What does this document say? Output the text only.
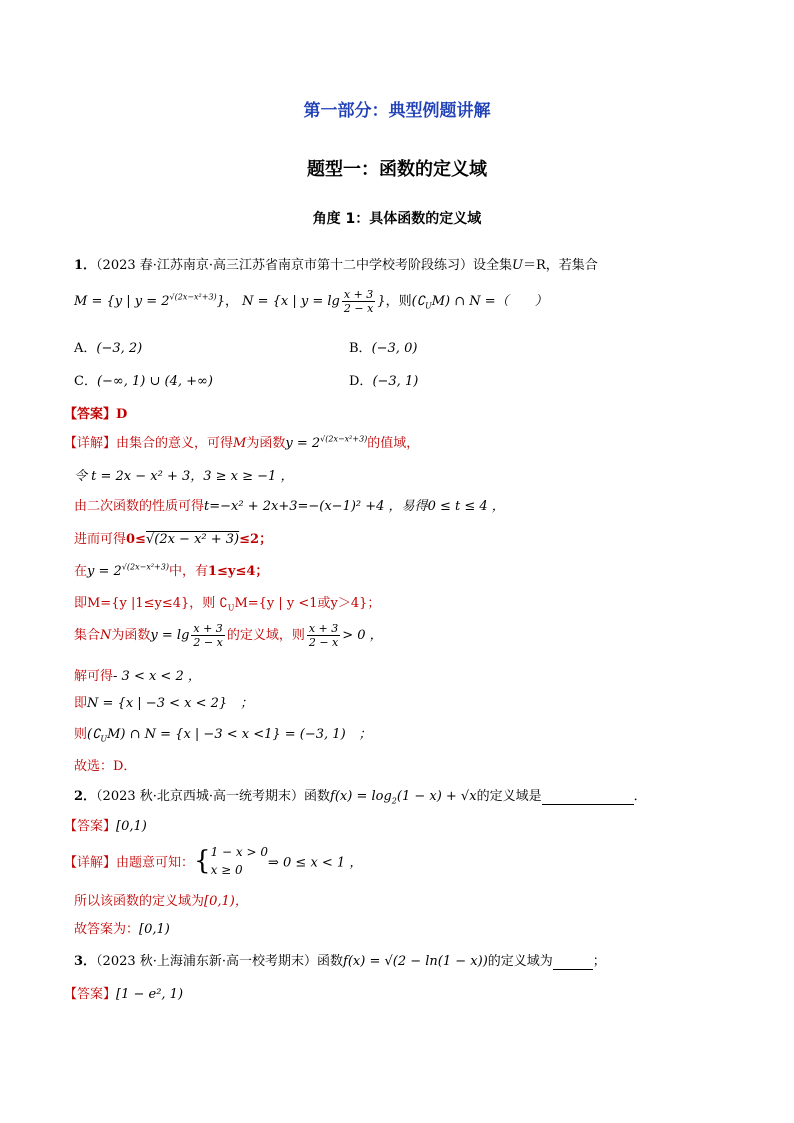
第一部分：典型例题讲解
题型一：函数的定义域
角度 1：具体函数的定义域
1．（2023 春·江苏南京·高三江苏省南京市第十二中学校考阶段练习）设全集U＝R，若集合
M = {y | $y = 2^{√(2x-x^2+3)}$}， N = {x | $y = \lg \frac{x + 3}{2 - x}$ }，则$(∁_UM)$ ∩ N =（　　）
A．(−3, 2)	B．(−3, 0)
C．(−∞, 1) ∪ (4, +∞)	D．(−3, 1)
【答案】D
【详解】由集合的意义，可得M为函数$y = 2^{√(2x-x^2+3)}$的值域，
令 t = 2x − x² + 3，3 ≥ x ≥ −1 ，
由二次函数的性质可得t=−x² + 2x+3=−(x−1)² +4 ，易得0 ≤ t ≤ 4 ，
进而可得0≤√(2x − x² + 3)≤2；
在$y = 2^{√(2x-x^2+3)}$中，有1≤y≤4；
即M={y |1≤y≤4}，则 $∁_UM=\{y$ | y <1或y＞4}；
集合N为函数$y = \lg \frac{x + 3}{2 - x}$ 的定义域，则 $\frac{x + 3}{2 - x} > 0$ ，
解可得- 3 < x < 2 ，
即N = {x | −3 < x < 2}　；
则$(∁_UM)$ ∩ N = {x | −3 < x <1} = (−3, 1)　；
故选：D．
2．（2023 秋·北京西城·高一统考期末）函数$f(x) = \log_2(1 - x) + √x$的定义域是	．
【答案】[0,1)
【详解】由题意可知：{ 1 − x > 0
x ≥ 0	⇒ 0 ≤ x < 1 ，
所以该函数的定义域为[0,1)，
故答案为：[0,1)
3．（2023 秋·上海浦东新·高一校考期末）函数f(x) = √(2 − ln(1 − x))的定义域为	；
【答案】[1 − e², 1)
